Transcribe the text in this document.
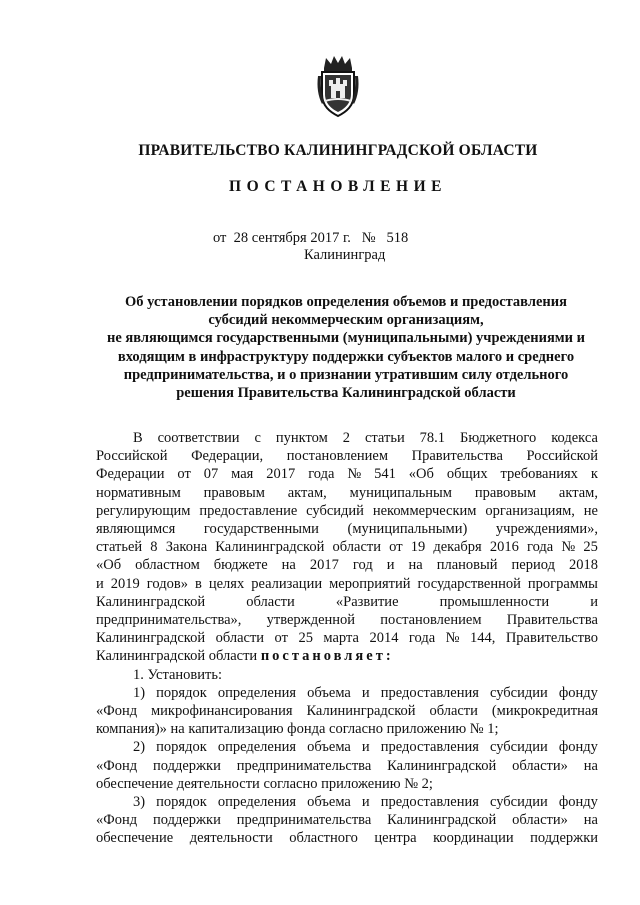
ПРАВИТЕЛЬСТВО КАЛИНИНГРАДСКОЙ ОБЛАСТИ
ПОСТАНОВЛЕНИЕ
от 28 сентября 2017 г. № 518
Калининград
Об установлении порядков определения объемов и предоставления
субсидий некоммерческим организациям,
не являющимся государственными (муниципальными) учреждениями и
входящим в инфраструктуру поддержки субъектов малого и среднего
предпринимательства, и о признании утратившим силу отдельного
решения Правительства Калининградской области
В соответствии с пунктом 2 статьи 78.1 Бюджетного кодекса
Российской Федерации, постановлением Правительства Российской
Федерации от 07 мая 2017 года № 541 «Об общих требованиях к
нормативным правовым актам, муниципальным правовым актам,
регулирующим предоставление субсидий некоммерческим организациям, не
являющимся государственными (муниципальными) учреждениями»,
статьей 8 Закона Калининградской области от 19 декабря 2016 года № 25
«Об областном бюджете на 2017 год и на плановый период 2018
и 2019 годов» в целях реализации мероприятий государственной программы
Калининградской	области	«Развитие	промышленности	и
предпринимательства», утвержденной постановлением Правительства
Калининградской области от 25 марта 2014 года № 144, Правительство
Калининградской области
постановляет:
1. Установить:
1) порядок определения объема и предоставления субсидии фонду
«Фонд микрофинансирования Калининградской области (микрокредитная
компания)» на капитализацию фонда согласно приложению № 1;
2) порядок определения объема и предоставления субсидии фонду
«Фонд поддержки предпринимательства Калининградской области» на
обеспечение деятельности согласно приложению № 2;
3) порядок определения объема и предоставления субсидии фонду
«Фонд поддержки предпринимательства Калининградской области» на
обеспечение деятельности областного центра координации поддержки
